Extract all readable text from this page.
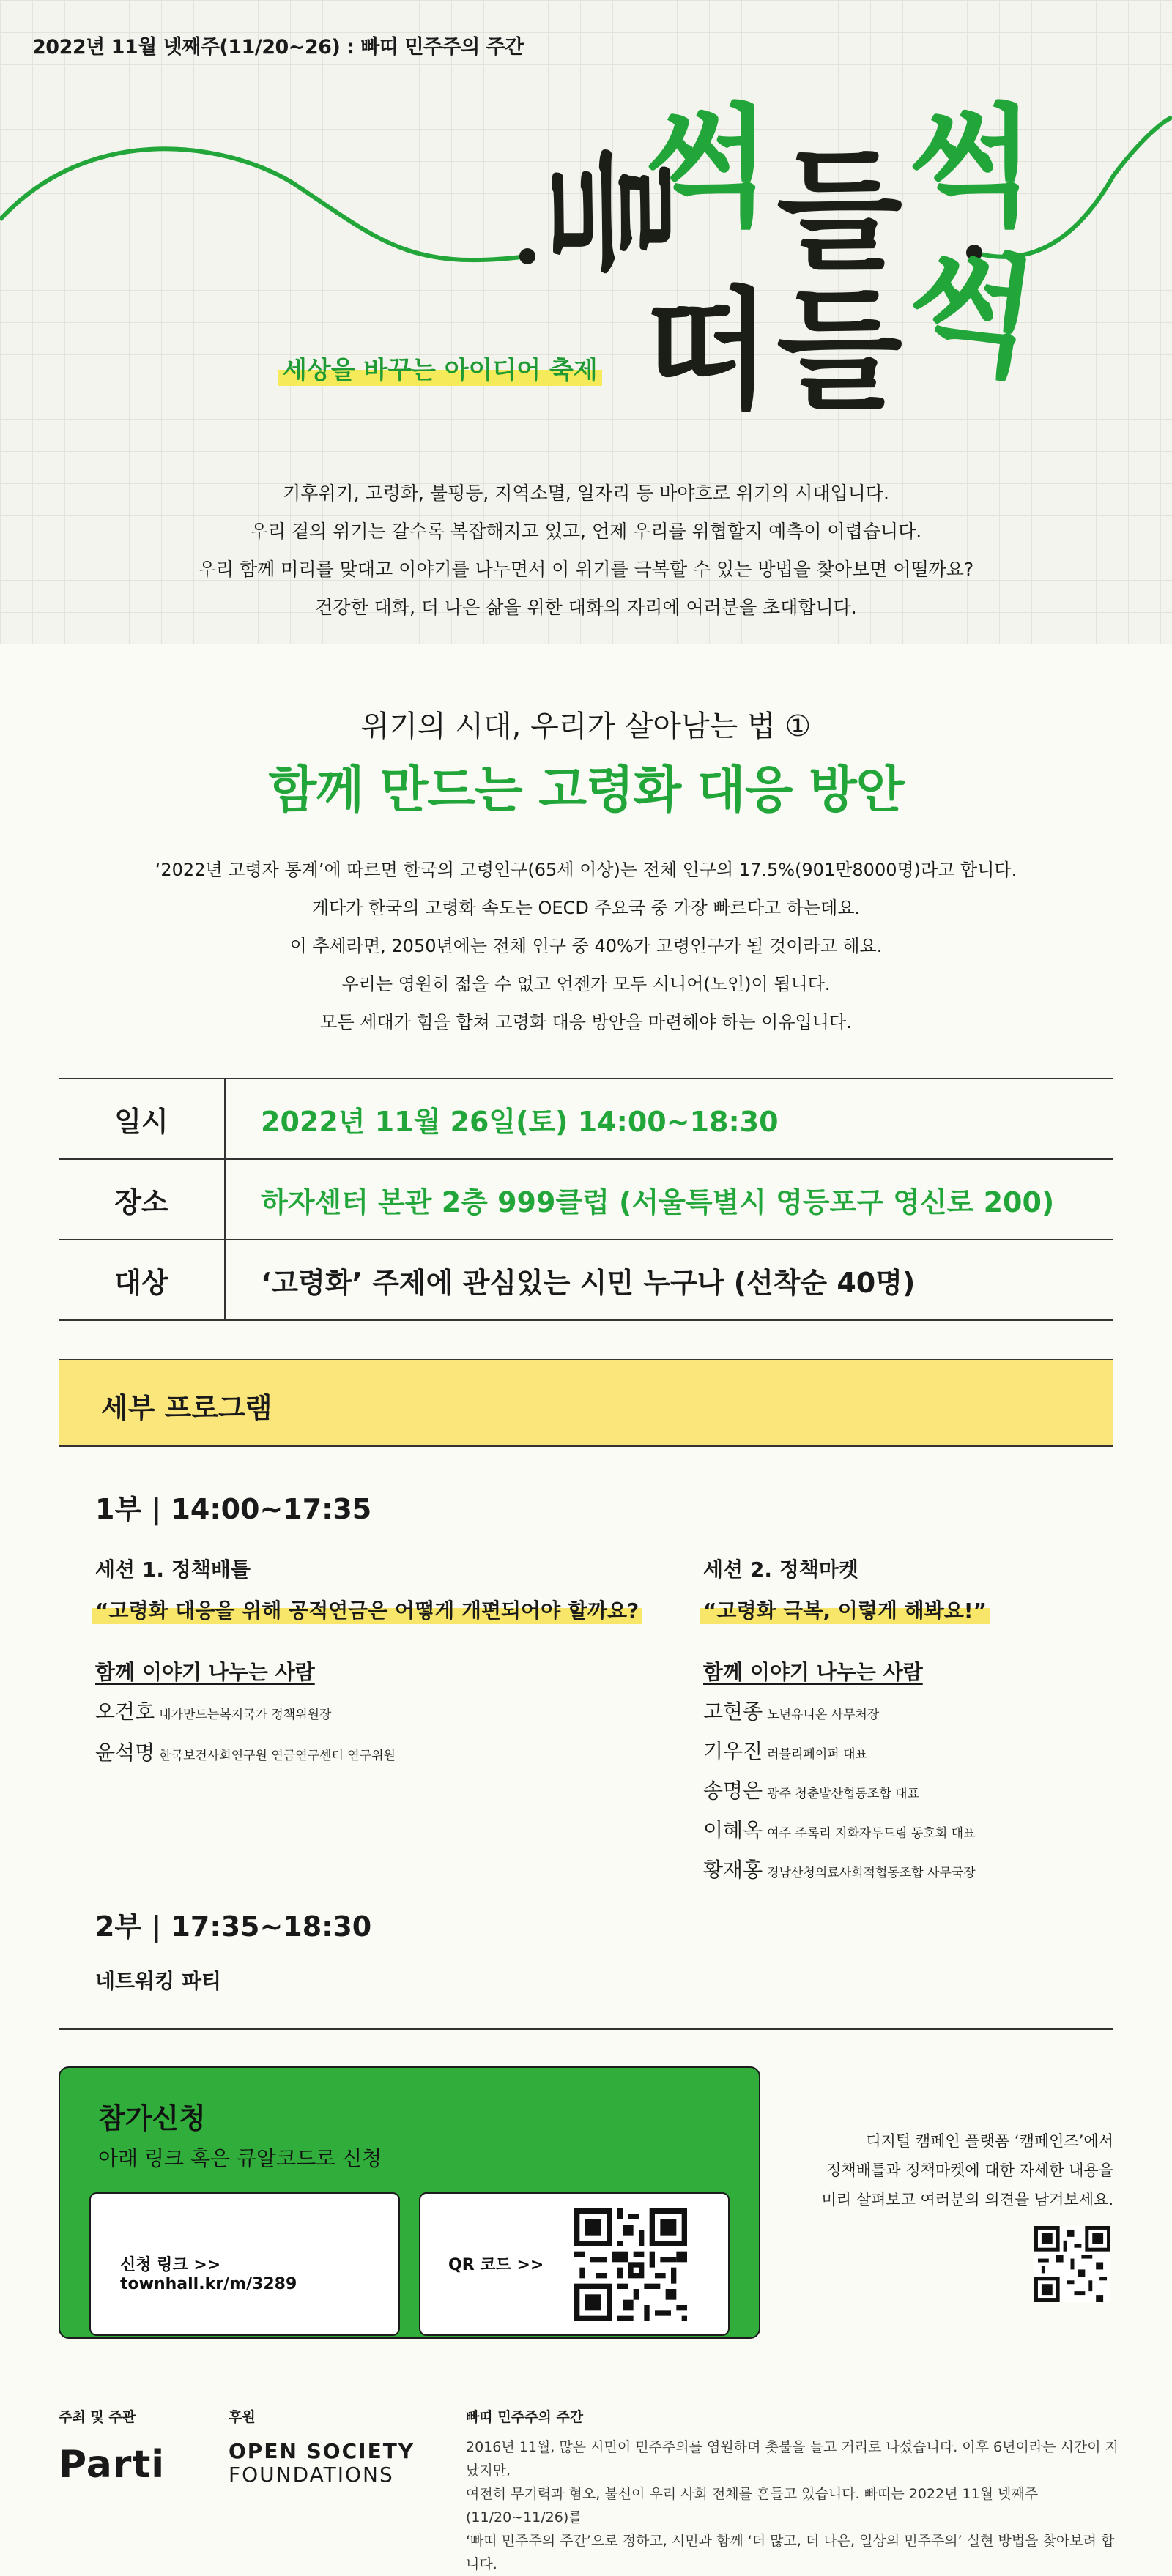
2022년 11월 넷째주(11/20~26) : 빠띠 민주주의 주간
들
썩 들 썩
떠 들
썩
세상을 바꾸는 아이디어 축제
기후위기, 고령화, 불평등, 지역소멸, 일자리 등 바야흐로 위기의 시대입니다.
우리 곁의 위기는 갈수록 복잡해지고 있고, 언제 우리를 위협할지 예측이 어렵습니다.
우리 함께 머리를 맞대고 이야기를 나누면서 이 위기를 극복할 수 있는 방법을 찾아보면 어떨까요?
건강한 대화, 더 나은 삶을 위한 대화의 자리에 여러분을 초대합니다.
위기의 시대, 우리가 살아남는 법 ①
함께 만드는 고령화 대응 방안
‘2022년 고령자 통계’에 따르면 한국의 고령인구(65세 이상)는 전체 인구의 17.5%(901만8000명)라고 합니다.
게다가 한국의 고령화 속도는 OECD 주요국 중 가장 빠르다고 하는데요.
이 추세라면, 2050년에는 전체 인구 중 40%가 고령인구가 될 것이라고 해요.
우리는 영원히 젊을 수 없고 언젠가 모두 시니어(노인)이 됩니다.
모든 세대가 힘을 합쳐 고령화 대응 방안을 마련해야 하는 이유입니다.
일시	2022년 11월 26일(토) 14:00~18:30
장소	하자센터 본관 2층 999클럽 (서울특별시 영등포구 영신로 200)
대상	‘고령화’ 주제에 관심있는 시민 누구나 (선착순 40명)
세부 프로그램
1부 | 14:00~17:35
세션 1. 정책배틀
“고령화 대응을 위해 공적연금은 어떻게 개편되어야 할까요?
함께 이야기 나누는 사람
오건호 내가만드는복지국가 정책위원장
윤석명 한국보건사회연구원 연금연구센터 연구위원
세션 2. 정책마켓
“고령화 극복, 이렇게 해봐요!”
함께 이야기 나누는 사람
고현종 노년유니온 사무처장
기우진 러블리페이퍼 대표
송명은 광주 청춘발산협동조합 대표
이혜옥 여주 주록리 지화자두드림 동호회 대표
황재홍 경남산청의료사회적협동조합 사무국장
2부 | 17:35~18:30
네트워킹 파티
참가신청
아래 링크 혹은 큐알코드로 신청
신청 링크 >> townhall.kr/m/3289
QR 코드 >>
디지털 캠페인 플랫폼 ‘캠페인즈’에서
정책배틀과 정책마켓에 대한 자세한 내용을
미리 살펴보고 여러분의 의견을 남겨보세요.
주최 및 주관
Parti
후원
OPEN SOCIETY
FOUNDATIONS
빠띠 민주주의 주간
2016년 11월, 많은 시민이 민주주의를 염원하며 촛불을 들고 거리로 나섰습니다. 이후 6년이라는 시간이 지났지만,
여전히 무기력과 혐오, 불신이 우리 사회 전체를 흔들고 있습니다. 빠띠는 2022년 11월 넷째주(11/20~11/26)를
‘빠띠 민주주의 주간’으로 정하고, 시민과 함께 ‘더 많고, 더 나은, 일상의 민주주의’ 실현 방법을 찾아보려 합니다.
